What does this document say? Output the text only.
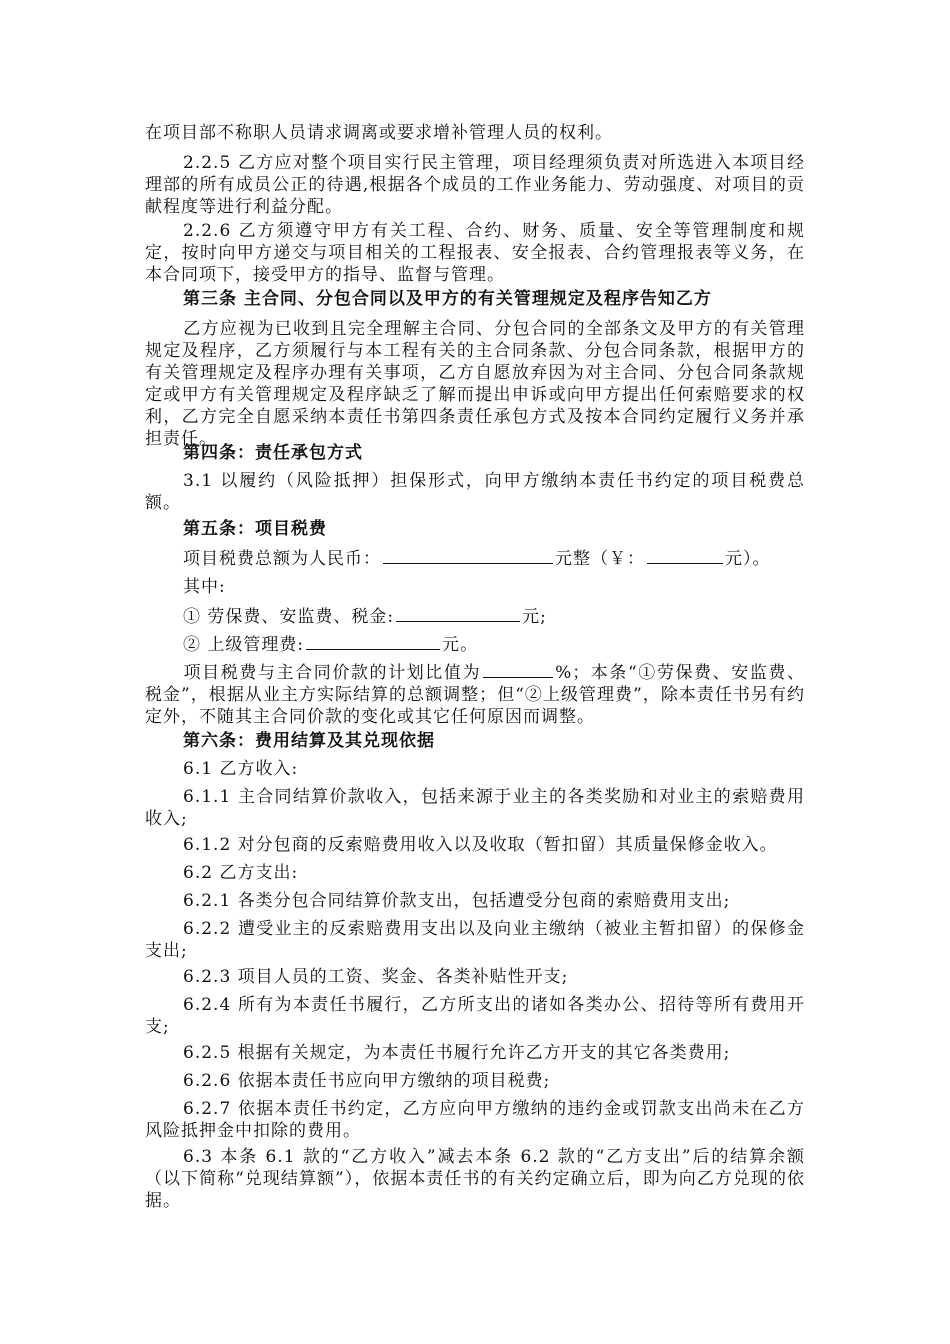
在项目部不称职人员请求调离或要求增补管理人员的权利。

2.2.5 乙方应对整个项目实行民主管理，项目经理须负责对所选进入本项目经理部的所有成员公正的待遇,根据各个成员的工作业务能力、劳动强度、对项目的贡献程度等进行利益分配。

2.2.6 乙方须遵守甲方有关工程、合约、财务、质量、安全等管理制度和规定，按时向甲方递交与项目相关的工程报表、安全报表、合约管理报表等义务，在本合同项下，接受甲方的指导、监督与管理。

第三条 主合同、分包合同以及甲方的有关管理规定及程序告知乙方

乙方应视为已收到且完全理解主合同、分包合同的全部条文及甲方的有关管理规定及程序，乙方须履行与本工程有关的主合同条款、分包合同条款，根据甲方的有关管理规定及程序办理有关事项，乙方自愿放弃因为对主合同、分包合同条款规定或甲方有关管理规定及程序缺乏了解而提出申诉或向甲方提出任何索赔要求的权利，乙方完全自愿采纳本责任书第四条责任承包方式及按本合同约定履行义务并承担责任。

第四条：责任承包方式

3.1 以履约（风险抵押）担保形式，向甲方缴纳本责任书约定的项目税费总额。

第五条：项目税费

项目税费总额为人民币：	元整（￥：	元）。

其中:

① 劳保费、安监费、税金:	元;

② 上级管理费:	元。

项目税费与主合同价款的计划比值为	%；本条“①劳保费、安监费、税金”，根据从业主方实际结算的总额调整；但“②上级管理费”，除本责任书另有约定外，不随其主合同价款的变化或其它任何原因而调整。

第六条：费用结算及其兑现依据

6.1 乙方收入:

6.1.1 主合同结算价款收入，包括来源于业主的各类奖励和对业主的索赔费用收入;

6.1.2 对分包商的反索赔费用收入以及收取（暂扣留）其质量保修金收入。

6.2 乙方支出:

6.2.1 各类分包合同结算价款支出，包括遭受分包商的索赔费用支出;

6.2.2 遭受业主的反索赔费用支出以及向业主缴纳（被业主暂扣留）的保修金支出;

6.2.3 项目人员的工资、奖金、各类补贴性开支;

6.2.4 所有为本责任书履行，乙方所支出的诸如各类办公、招待等所有费用开支;

6.2.5 根据有关规定，为本责任书履行允许乙方开支的其它各类费用;

6.2.6 依据本责任书应向甲方缴纳的项目税费;

6.2.7 依据本责任书约定，乙方应向甲方缴纳的违约金或罚款支出尚未在乙方风险抵押金中扣除的费用。

6.3 本条 6.1 款的“乙方收入”减去本条 6.2 款的“乙方支出”后的结算余额（以下简称“兑现结算额”），依据本责任书的有关约定确立后，即为向乙方兑现的依据。
